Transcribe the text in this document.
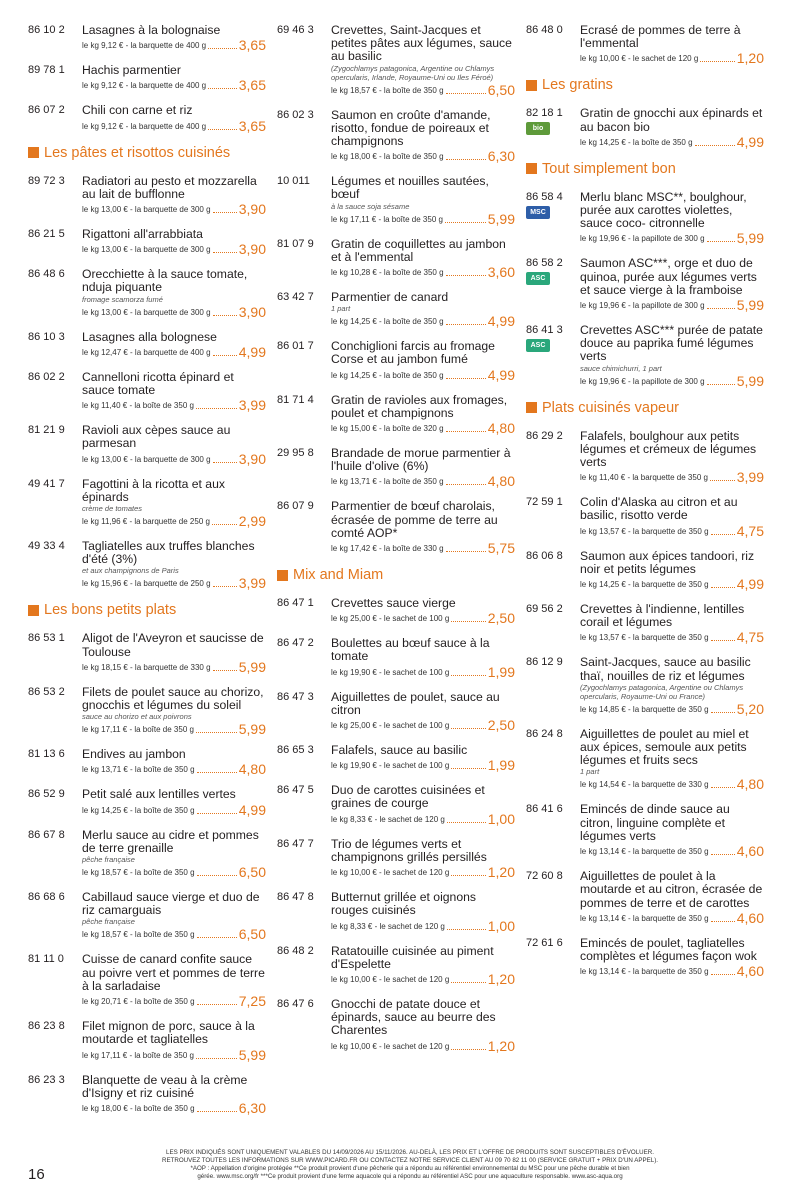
86 10 2 Lasagnes à la bolognaise
le kg 9,12 € - la barquette de 400 g 3,65
89 78 1 Hachis parmentier
le kg 9,12 € - la barquette de 400 g 3,65
86 07 2 Chili con carne et riz
le kg 9,12 € - la barquette de 400 g 3,65
Les pâtes et risottos cuisinés
89 72 3 Radiatori au pesto et mozzarella au lait de bufflonne
le kg 13,00 € - la barquette de 300 g 3,90
86 21 5 Rigattoni all'arrabbiata
le kg 13,00 € - la barquette de 300 g 3,90
86 48 6 Orecchiette à la sauce tomate, nduja piquante
fromage scamorza fumé
le kg 13,00 € - la barquette de 300 g 3,90
86 10 3 Lasagnes alla bolognese
le kg 12,47 € - la barquette de 400 g 4,99
86 02 2 Cannelloni ricotta épinard et sauce tomate
le kg 11,40 € - la boîte de 350 g	3,99
81 21 9 Ravioli aux cèpes sauce au parmesan
le kg 13,00 € - la barquette de 300 g 3,90
49 41 7 Fagottini à la ricotta et aux épinards
crème de tomates
le kg 11,96 € - la barquette de 250 g 2,99
49 33 4 Tagliatelles aux truffes blanches d'été (3%)
et aux champignons de Paris
le kg 15,96 € - la barquette de 250 g 3,99
Les bons petits plats
86 53 1 Aligot de l'Aveyron et saucisse de Toulouse
le kg 18,15 € - la barquette de 330 g 5,99
86 53 2 Filets de poulet sauce au chorizo, gnocchis et légumes du soleil
sauce au chorizo et aux poivrons
le kg 17,11 € - la boîte de 350 g	5,99
81 13 6 Endives au jambon
le kg 13,71 € - la boîte de 350 g	4,80
86 52 9 Petit salé aux lentilles vertes
le kg 14,25 € - la boîte de 350 g	4,99
86 67 8 Merlu sauce au cidre et pommes de terre grenaille
pêche française
le kg 18,57 € - la boîte de 350 g	6,50
86 68 6 Cabillaud sauce vierge et duo de riz camarguais
pêche française
le kg 18,57 € - la boîte de 350 g	6,50
81 11 0 Cuisse de canard confite sauce au poivre vert et pommes de terre à la sarladaise
le kg 20,71 € - la boîte de 350 g	7,25
86 23 8 Filet mignon de porc, sauce à la moutarde et tagliatelles
le kg 17,11 € - la boîte de 350 g	5,99
86 23 3 Blanquette de veau à la crème d'Isigny et riz cuisiné
le kg 18,00 € - la boîte de 350 g	6,30
69 46 3 Crevettes, Saint-Jacques et petites pâtes aux légumes, sauce au basilic
(Zygochlamys patagonica, Argentine ou Chlamys opercularis, Irlande, Royaume-Uni ou Iles Féroé)
le kg 18,57 € - la boîte de 350 g	6,50
86 02 3 Saumon en croûte d'amande, risotto, fondue de poireaux et champignons
le kg 18,00 € - la boîte de 350 g	6,30
10 011 Légumes et nouilles sautées, bœuf
à la sauce soja sésame
le kg 17,11 € - la boîte de 350 g	5,99
81 07 9 Gratin de coquillettes au jambon et à l'emmental
le kg 10,28 € - la boîte de 350 g	3,60
63 42 7 Parmentier de canard
1 part
le kg 14,25 € - la boîte de 350 g	4,99
86 01 7 Conchiglioni farcis au fromage Corse et au jambon fumé
le kg 14,25 € - la boîte de 350 g	4,99
81 71 4 Gratin de ravioles aux fromages, poulet et champignons
le kg 15,00 € - la boîte de 320 g	4,80
29 95 8 Brandade de morue parmentier à l'huile d'olive (6%)
le kg 13,71 € - la boîte de 350 g	4,80
86 07 9 Parmentier de bœuf charolais, écrasée de pomme de terre au comté AOP*
le kg 17,42 € - la boîte de 330 g	5,75
Mix and Miam
86 47 1 Crevettes sauce vierge
le kg 25,00 € - le sachet de 100 g	2,50
86 47 2 Boulettes au bœuf sauce à la tomate
le kg 19,90 € - le sachet de 100 g	1,99
86 47 3 Aiguillettes de poulet, sauce au citron
le kg 25,00 € - le sachet de 100 g	2,50
86 65 3 Falafels, sauce au basilic
le kg 19,90 € - le sachet de 100 g	1,99
86 47 5 Duo de carottes cuisinées et graines de courge
le kg 8,33 € - le sachet de 120 g	1,00
86 47 7 Trio de légumes verts et champignons grillés persillés
le kg 10,00 € - le sachet de 120 g	1,20
86 47 8 Butternut grillée et oignons rouges cuisinés
le kg 8,33 € - le sachet de 120 g	1,00
86 48 2 Ratatouille cuisinée au piment d'Espelette
le kg 10,00 € - le sachet de 120 g	1,20
86 47 6 Gnocchi de patate douce et épinards, sauce au beurre des Charentes
le kg 10,00 € - le sachet de 120 g	1,20
86 48 0 Ecrasé de pommes de terre à l'emmental
le kg 10,00 € - le sachet de 120 g	1,20
Les gratins
82 18 1
bio
Gratin de gnocchi aux épinards et au bacon bio
le kg 14,25 € - la boîte de 350 g	4,99
Tout simplement bon
86 58 4
MSC
Merlu blanc MSC**, boulghour, purée aux carottes violettes, sauce coco- citronnelle
le kg 19,96 € - la papillote de 300 g 5,99
86 58 2
ASC
Saumon ASC***, orge et duo de quinoa, purée aux légumes verts et sauce vierge à la framboise
le kg 19,96 € - la papillote de 300 g 5,99
86 41 3
ASC
Crevettes ASC*** purée de patate douce au paprika fumé légumes verts
sauce chimichurri, 1 part
le kg 19,96 € - la papillote de 300 g 5,99
Plats cuisinés vapeur
86 29 2 Falafels, boulghour aux petits légumes et crémeux de légumes verts
le kg 11,40 € - la barquette de 350 g 3,99
72 59 1 Colin d'Alaska au citron et au basilic, risotto verde
le kg 13,57 € - la barquette de 350 g 4,75
86 06 8 Saumon aux épices tandoori, riz noir et petits légumes
le kg 14,25 € - la barquette de 350 g 4,99
69 56 2 Crevettes à l'indienne, lentilles corail et légumes
le kg 13,57 € - la barquette de 350 g 4,75
86 12 9 Saint-Jacques, sauce au basilic thaï, nouilles de riz et légumes
(Zygochlamys patagonica, Argentine ou Chlamys opercularis, Royaume-Uni ou France)
le kg 14,85 € - la barquette de 350 g 5,20
86 24 8 Aiguillettes de poulet au miel et aux épices, semoule aux petits légumes et fruits secs
1 part
le kg 14,54 € - la barquette de 330 g 4,80
86 41 6 Emincés de dinde sauce au citron, linguine complète et légumes verts
le kg 13,14 € - la barquette de 350 g 4,60
72 60 8 Aiguillettes de poulet à la moutarde et au citron, écrasée de pommes de terre et de carottes
le kg 13,14 € - la barquette de 350 g 4,60
72 61 6 Emincés de poulet, tagliatelles complètes et légumes façon wok
le kg 13,14 € - la barquette de 350 g 4,60
LES PRIX INDIQUÉS SONT UNIQUEMENT VALABLES DU 14/09/2026 AU 15/11/2026. AU-DELÀ, LES PRIX ET L'OFFRE DE PRODUITS SONT SUSCEPTIBLES D'ÉVOLUER.
RETROUVEZ TOUTES LES INFORMATIONS SUR WWW.PICARD.FR OU CONTACTEZ NOTRE SERVICE CLIENT AU 09 70 82 11 00 (SERVICE GRATUIT + PRIX D'UN APPEL).
*AOP : Appellation d'origine protégée **Ce produit provient d'une pêcherie qui a répondu au référentiel environnemental du MSC pour une pêche durable et bien
gérée. www.msc.org/fr ***Ce produit provient d'une ferme aquacole qui a répondu au référentiel ASC pour une aquaculture responsable. www.asc-aqua.org
16
